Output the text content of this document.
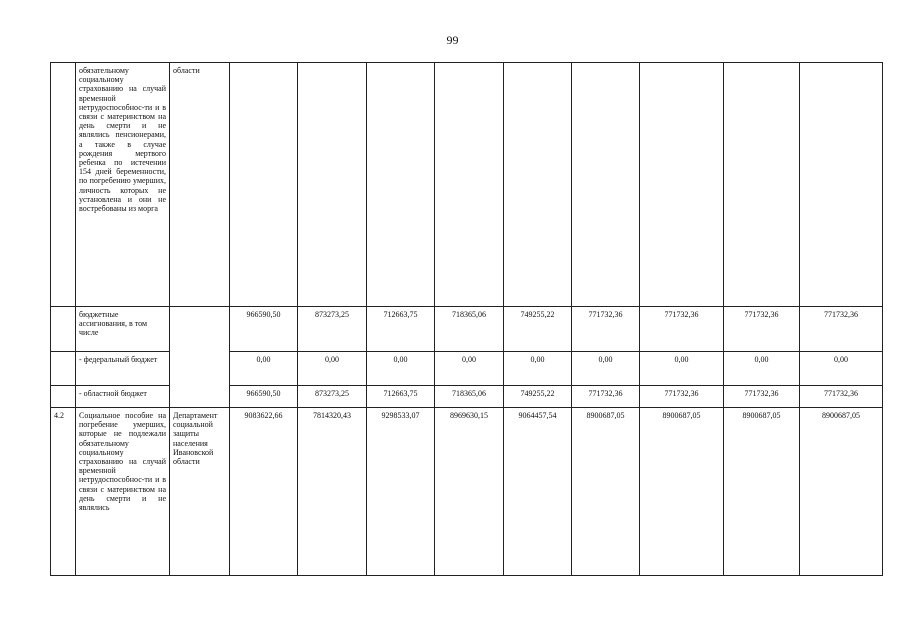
99
	обязательному социальному страхованию на случай временной нетрудоспособнос-ти и в связи с материнством на день смерти и не являлись пенсионерами, а также в случае рождения мертвого ребенка по истечении 154 дней беременности, по погребению умерших, личность которых не установлена и они не востребованы из морга	области									
	бюджетные ассигнования, в том числе		966590,50	873273,25	712663,75	718365,06	749255,22	771732,36	771732,36	771732,36	771732,36
	- федеральный бюджет		0,00	0,00	0,00	0,00	0,00	0,00	0,00	0,00	0,00
	- областной бюджет		966590,50	873273,25	712663,75	718365,06	749255,22	771732,36	771732,36	771732,36	771732,36
4.2	Социальное пособие на погребение умерших, которые не подлежали обязательному социальному страхованию на случай временной нетрудоспособнос-ти и в связи с материнством на день смерти и не являлись	Департамент социальной защиты населения Ивановской области	9083622,66	7814320,43	9298533,07	8969630,15	9064457,54	8900687,05	8900687,05	8900687,05	8900687,05
